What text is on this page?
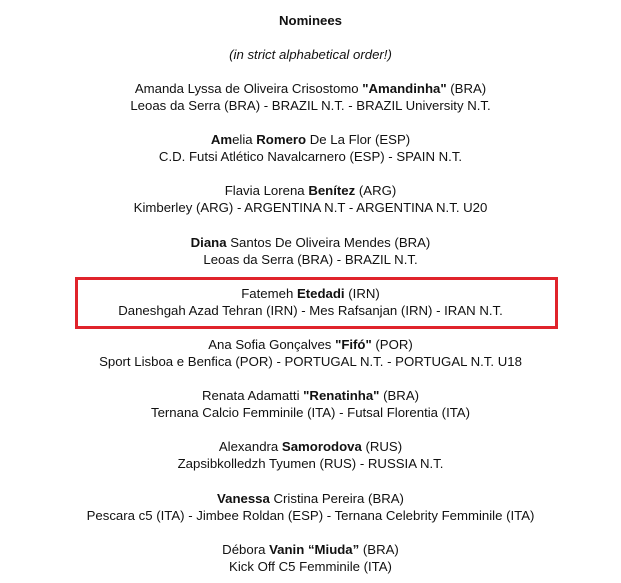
Nominees
(in strict alphabetical order!)
Amanda Lyssa de Oliveira Crisostomo "Amandinha" (BRA)
Leoas da Serra (BRA) - BRAZIL N.T. - BRAZIL University N.T.
Amelia Romero De La Flor (ESP)
C.D. Futsi Atlético Navalcarnero (ESP) - SPAIN N.T.
Flavia Lorena Benítez (ARG)
Kimberley (ARG) - ARGENTINA N.T - ARGENTINA N.T. U20
Diana Santos De Oliveira Mendes (BRA)
Leoas da Serra (BRA) - BRAZIL N.T.
Fatemeh Etedadi (IRN)
Daneshgah Azad Tehran (IRN) - Mes Rafsanjan (IRN) - IRAN N.T.
Ana Sofia Gonçalves "Fifó" (POR)
Sport Lisboa e Benfica (POR) - PORTUGAL N.T. - PORTUGAL N.T. U18
Renata Adamatti "Renatinha" (BRA)
Ternana Calcio Femminile (ITA) - Futsal Florentia (ITA)
Alexandra Samorodova (RUS)
Zapsibkolledzh Tyumen (RUS) - RUSSIA N.T.
Vanessa Cristina Pereira (BRA)
Pescara c5 (ITA) - Jimbee Roldan (ESP) - Ternana Celebrity Femminile (ITA)
Débora Vanin “Miuda” (BRA)
Kick Off C5 Femminile (ITA)
